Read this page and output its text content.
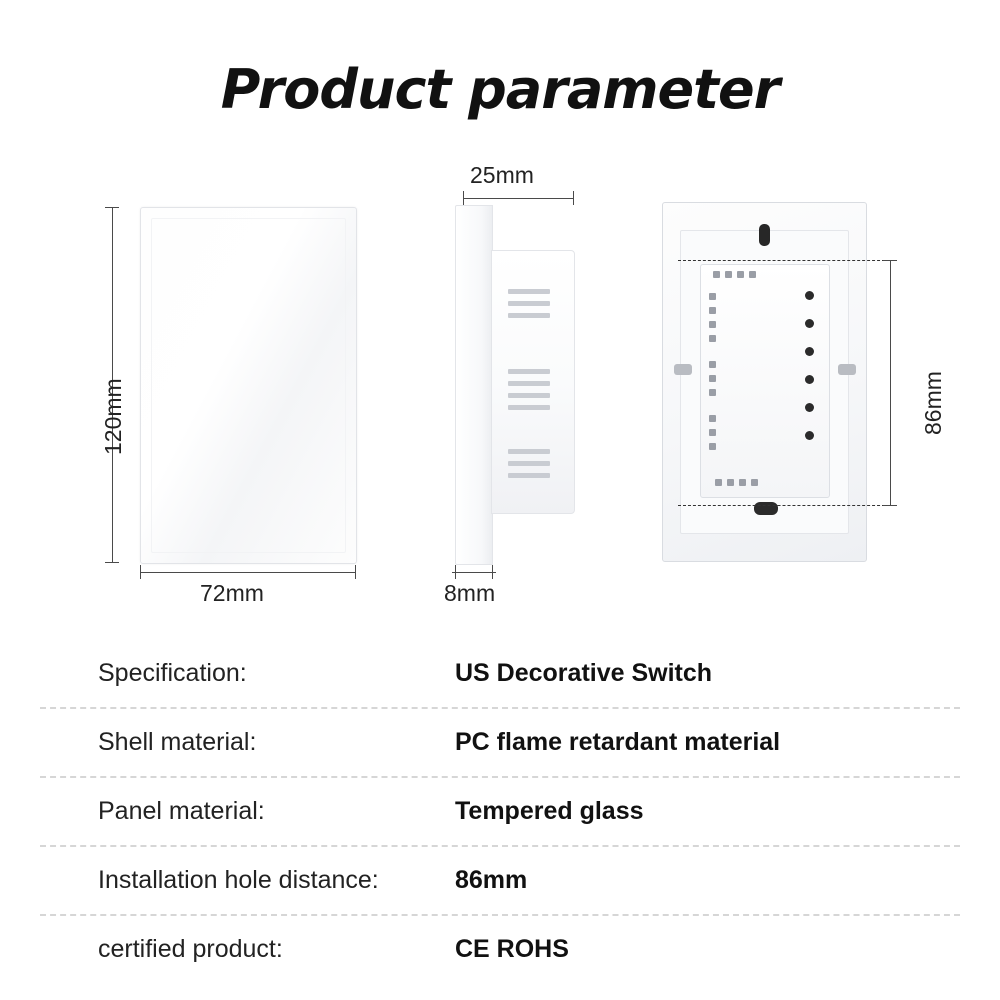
Product parameter
120mm
72mm
25mm
8mm
86mm
Specification:	US Decorative Switch
Shell material:	PC flame retardant material
Panel material:	Tempered glass
Installation hole distance:	86mm
certified product:	CE ROHS
